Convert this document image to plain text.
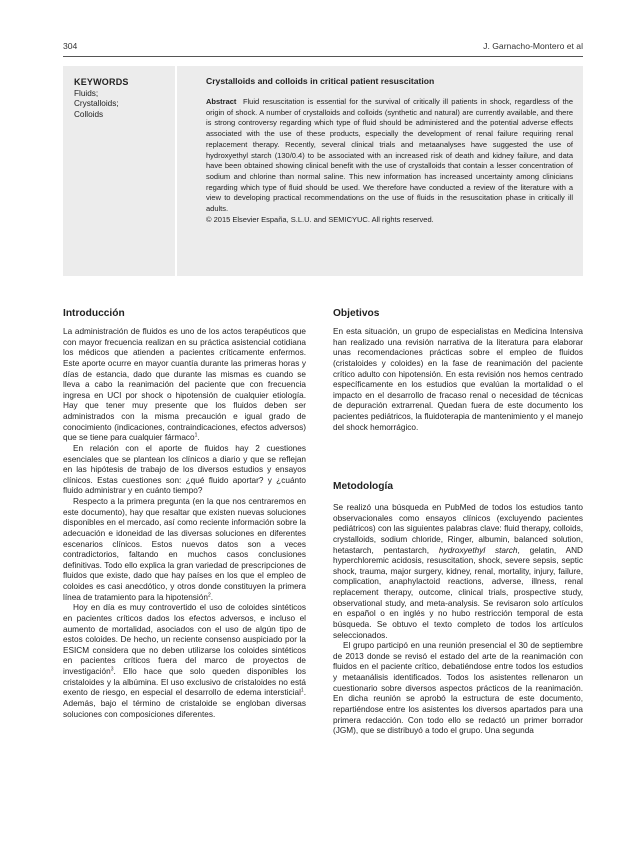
304	J. Garnacho-Montero et al
KEYWORDS
Fluids;
Crystalloids;
Colloids
Crystalloids and colloids in critical patient resuscitation
Abstract Fluid resuscitation is essential for the survival of critically ill patients in shock, regardless of the origin of shock. A number of crystalloids and colloids (synthetic and natural) are currently available, and there is strong controversy regarding which type of fluid should be administered and the potential adverse effects associated with the use of these products, especially the development of renal failure requiring renal replacement therapy. Recently, several clinical trials and metaanalyses have suggested the use of hydroxyethyl starch (130/0.4) to be associated with an increased risk of death and kidney failure, and data have been obtained showing clinical benefit with the use of crystalloids that contain a lesser concentration of sodium and chlorine than normal saline. This new information has increased uncertainty among clinicians regarding which type of fluid should be used. We therefore have conducted a review of the literature with a view to developing practical recommendations on the use of fluids in the resuscitation phase in critically ill adults.
© 2015 Elsevier España, S.L.U. and SEMICYUC. All rights reserved.
Introducción

La administración de fluidos es uno de los actos terapéuticos que con mayor frecuencia realizan en su práctica asistencial cotidiana los médicos que atienden a pacientes críticamente enfermos. Este aporte ocurre en mayor cuantía durante las primeras horas y días de estancia, dado que durante las mismas es cuando se lleva a cabo la reanimación del paciente que con frecuencia ingresa en UCI por shock o hipotensión de cualquier etiología. Hay que tener muy presente que los fluidos deben ser administrados con la misma precaución e igual grado de conocimiento (indicaciones, contraindicaciones, efectos adversos) que se tiene para cualquier fármaco$^1$.

En relación con el aporte de fluidos hay 2 cuestiones esenciales que se plantean los clínicos a diario y que se reflejan en las hipótesis de trabajo de los diversos estudios y ensayos clínicos. Estas cuestiones son: ¿qué fluido aportar? y ¿cuánto fluido administrar y en cuánto tiempo?

Respecto a la primera pregunta (en la que nos centraremos en este documento), hay que resaltar que existen nuevas soluciones disponibles en el mercado, así como reciente información sobre la adecuación e idoneidad de las diversas soluciones en diferentes escenarios clínicos. Estos nuevos datos son a veces contradictorios, faltando en muchos casos conclusiones definitivas. Todo ello explica la gran variedad de prescripciones de fluidos que existe, dado que hay países en los que el empleo de coloides es casi anecdótico, y otros donde constituyen la primera línea de tratamiento para la hipotensión$^2$.

Hoy en día es muy controvertido el uso de coloides sintéticos en pacientes críticos dados los efectos adversos, e incluso el aumento de mortalidad, asociados con el uso de algún tipo de estos coloides. De hecho, un reciente consenso auspiciado por la ESICM considera que no deben utilizarse los coloides sintéticos en pacientes críticos fuera del marco de proyectos de investigación$^3$. Ello hace que solo queden disponibles los cristaloides y la albúmina. El uso exclusivo de cristaloides no está exento de riesgo, en especial el desarrollo de edema intersticial$^1$. Además, bajo el término de cristaloide se engloban diversas soluciones con composiciones diferentes.

Objetivos

En esta situación, un grupo de especialistas en Medicina Intensiva han realizado una revisión narrativa de la literatura para elaborar unas recomendaciones prácticas sobre el empleo de fluidos (cristaloides y coloides) en la fase de reanimación del paciente crítico adulto con hipotensión. En esta revisión nos hemos centrado específicamente en los estudios que evalúan la mortalidad o el impacto en el desarrollo de fracaso renal o necesidad de técnicas de depuración extrarrenal. Quedan fuera de este documento los pacientes pediátricos, la fluidoterapia de mantenimiento y el manejo del shock hemorrágico.

Metodología

Se realizó una búsqueda en PubMed de todos los estudios tanto observacionales como ensayos clínicos (excluyendo pacientes pediátricos) con las siguientes palabras clave: fluid therapy, colloids, crystalloids, sodium chloride, Ringer, albumin, balanced solution, hetastarch, pentastarch, hydroxyethyl starch, gelatin, AND hyperchloremic acidosis, resuscitation, shock, severe sepsis, septic shock, trauma, major surgery, kidney, renal, mortality, injury, failure, complication, anaphylactoid reactions, adverse, illness, renal replacement therapy, outcome, clinical trials, prospective study, observational study, and meta-analysis. Se revisaron solo artículos en español o en inglés y no hubo restricción temporal de esta búsqueda. Se obtuvo el texto completo de todos los artículos seleccionados.

El grupo participó en una reunión presencial el 30 de septiembre de 2013 donde se revisó el estado del arte de la reanimación con fluidos en el paciente crítico, debatiéndose entre todos los estudios y metaanálisis identificados. Todos los asistentes rellenaron un cuestionario sobre diversos aspectos prácticos de la reanimación. En dicha reunión se aprobó la estructura de este documento, repartiéndose entre los asistentes los diversos apartados para una primera redacción. Con todo ello se redactó un primer borrador (JGM), que se distribuyó a todo el grupo. Una segunda
